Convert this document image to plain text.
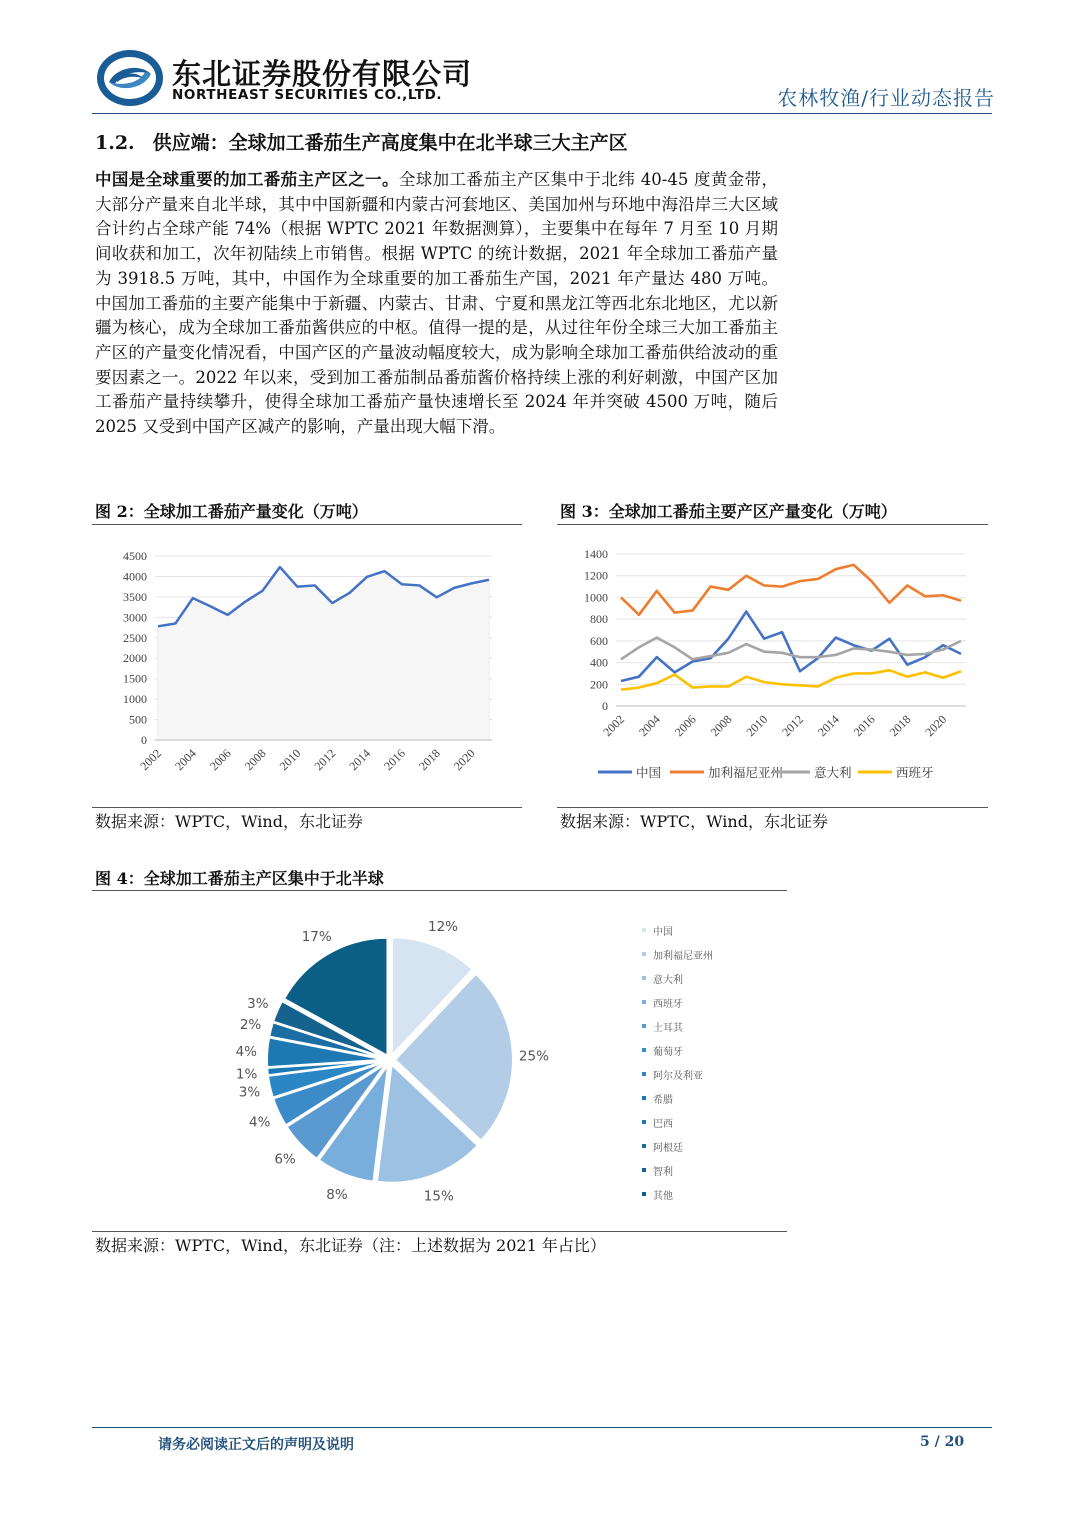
东北证券股份有限公司
NORTHEAST SECURITIES CO.,LTD.	农林牧渔/行业动态报告
1.2. 供应端：全球加工番茄生产高度集中在北半球三大主产区
中国是全球重要的加工番茄主产区之一。全球加工番茄主产区集中于北纬 40-45 度黄金带，大部分产量来自北半球，其中中国新疆和内蒙古河套地区、美国加州与环地中海沿岸三大区域合计约占全球产能 74%（根据 WPTC 2021 年数据测算），主要集中在每年 7 月至 10 月期间收获和加工，次年初陆续上市销售。根据 WPTC 的统计数据，2021 年全球加工番茄产量为 3918.5 万吨，其中，中国作为全球重要的加工番茄生产国，2021 年产量达 480 万吨。中国加工番茄的主要产能集中于新疆、内蒙古、甘肃、宁夏和黑龙江等西北东北地区，尤以新疆为核心，成为全球加工番茄酱供应的中枢。值得一提的是，从过往年份全球三大加工番茄主产区的产量变化情况看，中国产区的产量波动幅度较大，成为影响全球加工番茄供给波动的重要因素之一。2022 年以来，受到加工番茄制品番茄酱价格持续上涨的利好刺激，中国产区加工番茄产量持续攀升，使得全球加工番茄产量快速增长至 2024 年并突破 4500 万吨，随后 2025 又受到中国产区减产的影响，产量出现大幅下滑。
图 2：全球加工番茄产量变化（万吨）
0
500
1000
1500
2000
2500
3000
3500
4000
4500
2002 2004 2006 2008 2010 2012 2014 2016 2018 2020
数据来源：WPTC，Wind，东北证券
图 3：全球加工番茄主要产区产量变化（万吨）
0
200
400
600
800
1000
1200
1400
2002 2004 2006 2008 2010 2012 2014 2016 2018 2020
中国	加利福尼亚州 意大利	西班牙
数据来源：WPTC，Wind，东北证券
图 4：全球加工番茄主产区集中于北半球
12%
25%
15%
8%
6%
4%
3%
1%
4%
2%
3%
17%	中国
加利福尼亚州
意大利
西班牙
土耳其
葡萄牙
阿尔及利亚
希腊
巴西
阿根廷
智利
其他
数据来源：WPTC，Wind，东北证券（注：上述数据为 2021 年占比）
请务必阅读正文后的声明及说明	5 / 20
